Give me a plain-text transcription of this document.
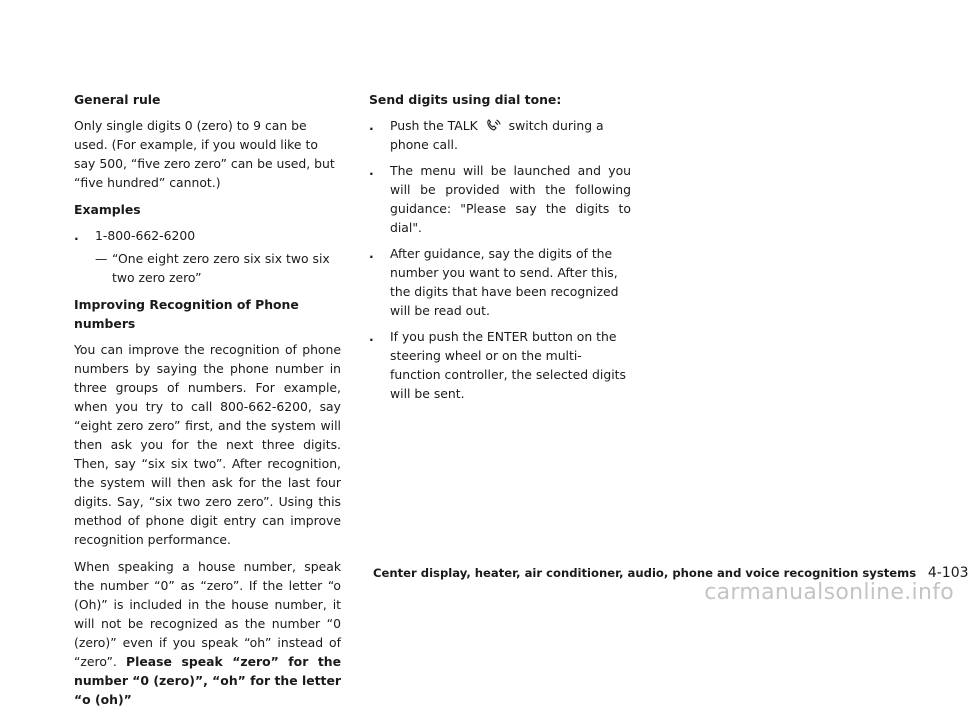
General rule

Only single digits 0 (zero) to 9 can be used. (For example, if you would like to say 500, “five zero zero” can be used, but “five hundred” cannot.)

Examples

. 1-800-662-6200
— “One eight zero zero six six two six two zero zero”

Improving Recognition of Phone numbers

You can improve the recognition of phone numbers by saying the phone number in three groups of numbers. For example, when you try to call 800-662-6200, say “eight zero zero” first, and the system will then ask you for the next three digits. Then, say “six six two”. After recognition, the system will then ask for the last four digits. Say, “six two zero zero”. Using this method of phone digit entry can improve recognition performance.

When speaking a house number, speak the number “0” as “zero”. If the letter “o (Oh)” is included in the house number, it will not be recognized as the number “0 (zero)” even if you speak “oh” instead of “zero”. Please speak “zero” for the number “0 (zero)”, “oh” for the letter “o (oh)”

Send digits using dial tone:

. Push the TALK switch during a phone call.
. The menu will be launched and you will be provided with the following guidance: "Please say the digits to dial".
. After guidance, say the digits of the number you want to send. After this, the digits that have been recognized will be read out.
. If you push the ENTER button on the steering wheel or on the multi-function controller, the selected digits will be sent.
Center display, heater, air conditioner, audio, phone and voice recognition systems 4-103
carmanualsonline.info
